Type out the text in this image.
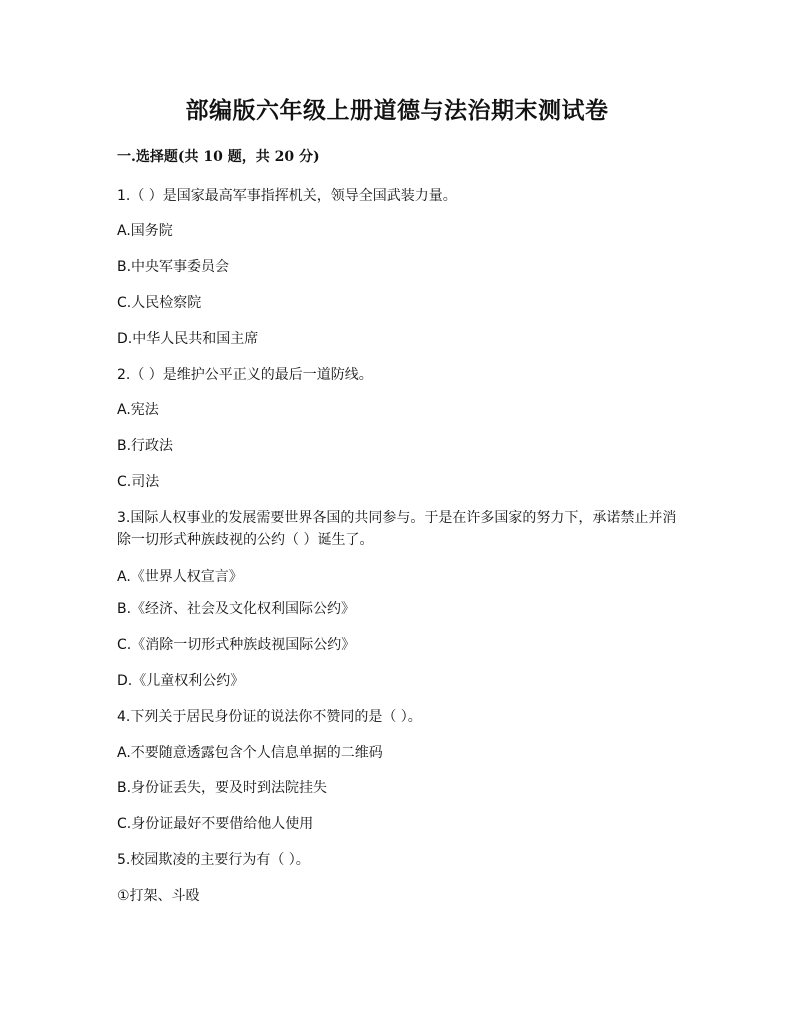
部编版六年级上册道德与法治期末测试卷
一.选择题(共 10 题，共 20 分)
1.（ ）是国家最高军事指挥机关，领导全国武装力量。
A.国务院
B.中央军事委员会
C.人民检察院
D.中华人民共和国主席
2.（ ）是维护公平正义的最后一道防线。
A.宪法
B.行政法
C.司法
3.国际人权事业的发展需要世界各国的共同参与。于是在许多国家的努力下，承诺禁止并消除一切形式种族歧视的公约（ ）诞生了。
A.《世界人权宣言》
B.《经济、社会及文化权利国际公约》
C.《消除一切形式种族歧视国际公约》
D.《儿童权利公约》
4.下列关于居民身份证的说法你不赞同的是（ ）。
A.不要随意透露包含个人信息单据的二维码
B.身份证丢失，要及时到法院挂失
C.身份证最好不要借给他人使用
5.校园欺凌的主要行为有（ ）。
①打架、斗殴
